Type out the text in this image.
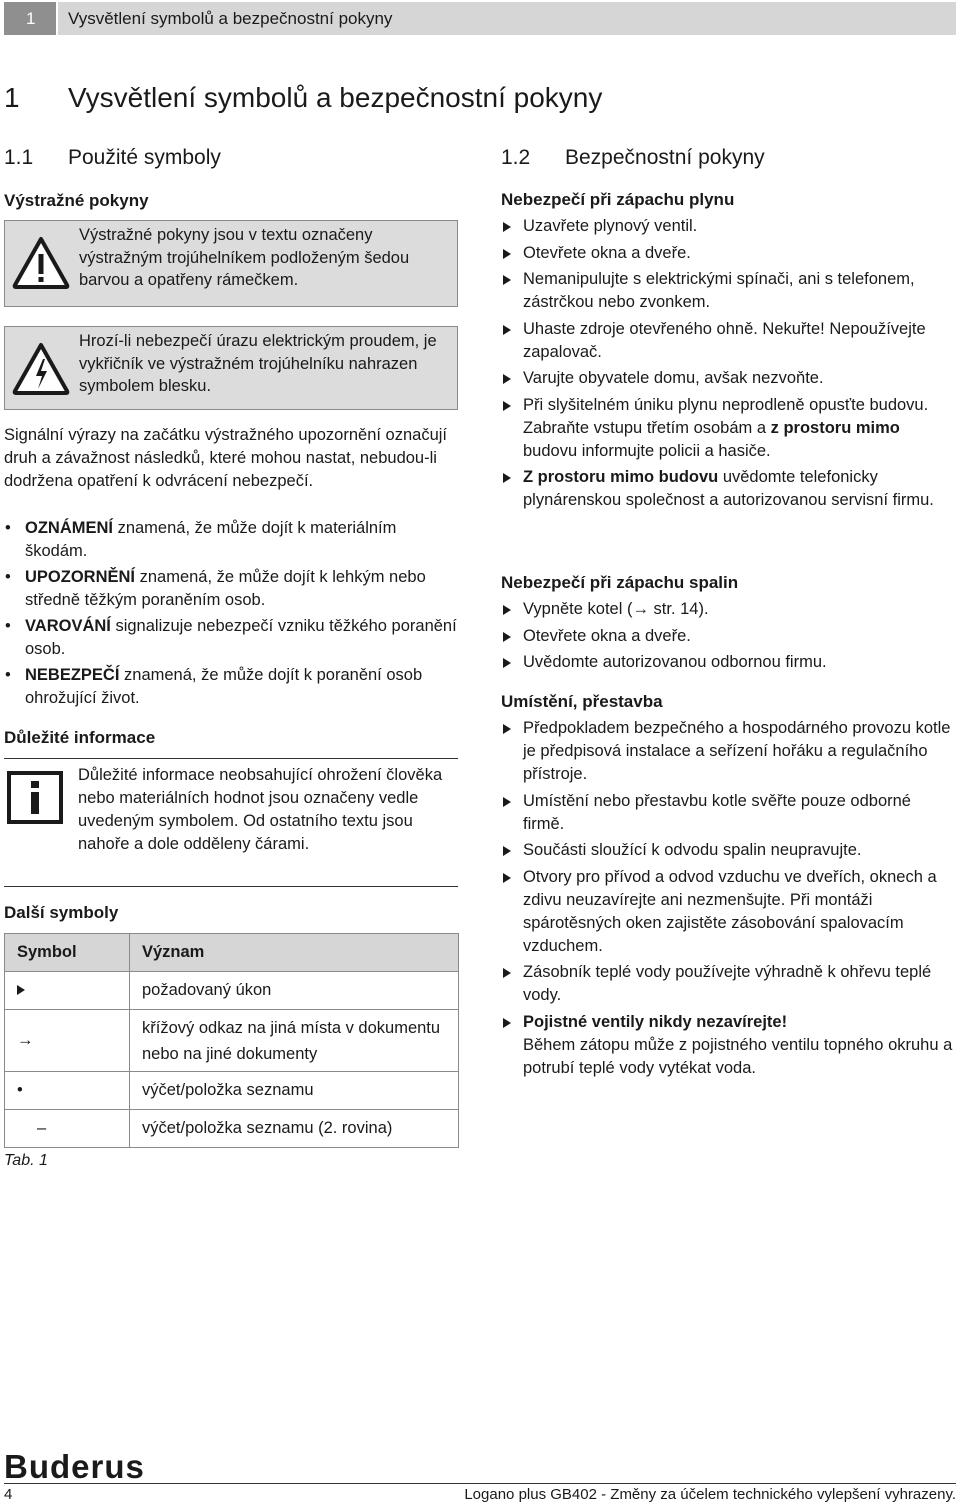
1	Vysvětlení symbolů a bezpečnostní pokyny
1 Vysvětlení symbolů a bezpečnostní pokyny
1.1 Použité symboly
Výstražné pokyny
Výstražné pokyny jsou v textu označeny výstražným trojúhelníkem podloženým šedou barvou a opatřeny rámečkem.
Hrozí-li nebezpečí úrazu elektrickým proudem, je vykřičník ve výstražném trojúhelníku nahrazen symbolem blesku.
Signální výrazy na začátku výstražného upozornění označují druh a závažnost následků, které mohou nastat, nebudou-li dodržena opatření k odvrácení nebezpečí.
• OZNÁMENÍ znamená, že může dojít k materiálním škodám.
• UPOZORNĚNÍ znamená, že může dojít k lehkým nebo středně těžkým poraněním osob.
• VAROVÁNÍ signalizuje nebezpečí vzniku těžkého poranění osob.
• NEBEZPEČÍ znamená, že může dojít k poranění osob ohrožující život.
Důležité informace
Důležité informace neobsahující ohrožení člověka nebo materiálních hodnot jsou označeny vedle uvedeným symbolem. Od ostatního textu jsou nahoře a dole odděleny čárami.
Další symboly
Symbol	Význam
	požadovaný úkon
→	křížový odkaz na jiná místa v dokumentu nebo na jiné dokumenty
•	výčet/položka seznamu
–	výčet/položka seznamu (2. rovina)
Tab. 1
1.2 Bezpečnostní pokyny
Nebezpečí při zápachu plynu
Uzavřete plynový ventil.
Otevřete okna a dveře.
Nemanipulujte s elektrickými spínači, ani s telefonem, zástrčkou nebo zvonkem.
Uhaste zdroje otevřeného ohně. Nekuřte! Nepoužívejte zapalovač.
Varujte obyvatele domu, avšak nezvoňte.
Při slyšitelném úniku plynu neprodleně opusťte budovu. Zabraňte vstupu třetím osobám a z prostoru mimo budovu informujte policii a hasiče.
Z prostoru mimo budovu uvědomte telefonicky plynárenskou společnost a autorizovanou servisní firmu.
Nebezpečí při zápachu spalin
Vypněte kotel (→ str. 14).
Otevřete okna a dveře.
Uvědomte autorizovanou odbornou firmu.
Umístění, přestavba
Předpokladem bezpečného a hospodárného provozu kotle je předpisová instalace a seřízení hořáku a regulačního přístroje.
Umístění nebo přestavbu kotle svěřte pouze odborné firmě.
Součásti sloužící k odvodu spalin neupravujte.
Otvory pro přívod a odvod vzduchu ve dveřích, oknech a zdivu neuzavírejte ani nezmenšujte. Při montáži spárotěsných oken zajistěte zásobování spalovacím vzduchem.
Zásobník teplé vody používejte výhradně k ohřevu teplé vody.
Pojistné ventily nikdy nezavírejte!
Během zátopu může z pojistného ventilu topného okruhu a potrubí teplé vody vytékat voda.
Buderus
4	Logano plus GB402 - Změny za účelem technického vylepšení vyhrazeny.
